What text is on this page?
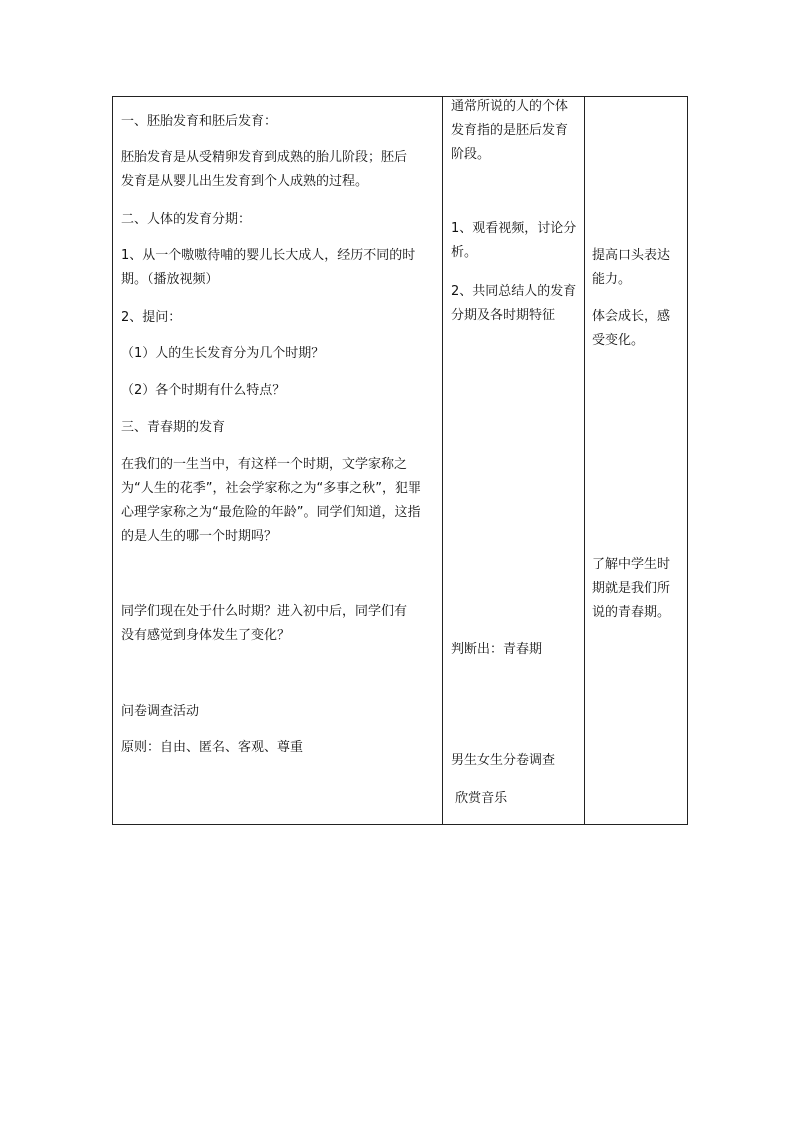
一、胚胎发育和胚后发育：
胚胎发育是从受精卵发育到成熟的胎儿阶段；胚后
发育是从婴儿出生发育到个人成熟的过程。
二、人体的发育分期：
1、从一个嗷嗷待哺的婴儿长大成人，经历不同的时
期。（播放视频）
2、提问：
（1）人的生长发育分为几个时期？
（2）各个时期有什么特点？
三、青春期的发育
在我们的一生当中，有这样一个时期，文学家称之
为“人生的花季”，社会学家称之为“多事之秋”，犯罪
心理学家称之为“最危险的年龄”。同学们知道，这指
的是人生的哪一个时期吗？
同学们现在处于什么时期？进入初中后，同学们有
没有感觉到身体发生了变化？
问卷调查活动
原则：自由、匿名、客观、尊重
通常所说的人的个体
发育指的是胚后发育
阶段。
1、观看视频，讨论分
析。
2、共同总结人的发育
分期及各时期特征
判断出：青春期
男生女生分卷调查
欣赏音乐
提高口头表达
能力。
体会成长，感
受变化。
了解中学生时
期就是我们所
说的青春期。
